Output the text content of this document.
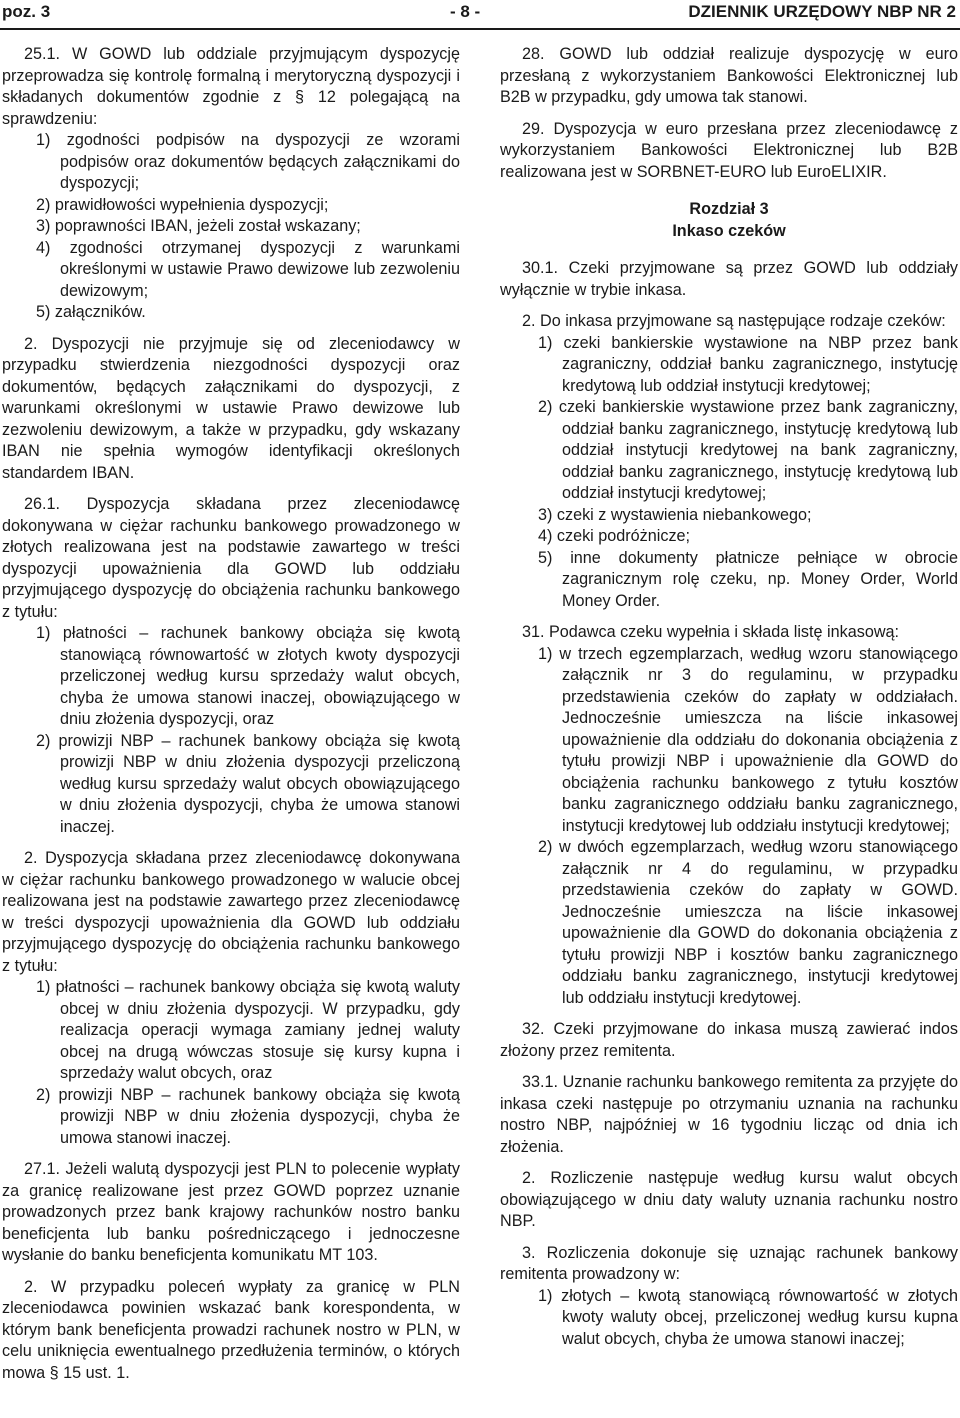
poz. 3	- 8 -	DZIENNIK URZĘDOWY NBP NR 2

25.1. W GOWD lub oddziale przyjmującym dyspozycję przeprowadza się kontrolę formalną i merytoryczną dyspozycji i składanych dokumentów zgodnie z § 12 polegającą na sprawdzeniu:

1) zgodności podpisów na dyspozycji ze wzorami podpisów oraz dokumentów będących załącznikami do dyspozycji;

2) prawidłowości wypełnienia dyspozycji;

3) poprawności IBAN, jeżeli został wskazany;

4) zgodności otrzymanej dyspozycji z warunkami określonymi w ustawie Prawo dewizowe lub zezwoleniu dewizowym;

5) załączników.

2. Dyspozycji nie przyjmuje się od zleceniodawcy w przypadku stwierdzenia niezgodności dyspozycji oraz dokumentów, będących załącznikami do dyspozycji, z warunkami określonymi w ustawie Prawo dewizowe lub zezwoleniu dewizowym, a także w przypadku, gdy wskazany IBAN nie spełnia wymogów identyfikacji określonych standardem IBAN.

26.1. Dyspozycja składana przez zleceniodawcę dokonywana w ciężar rachunku bankowego prowadzonego w złotych realizowana jest na podstawie zawartego w treści dyspozycji upoważnienia dla GOWD lub oddziału przyjmującego dyspozycję do obciążenia rachunku bankowego z tytułu:

1) płatności – rachunek bankowy obciąża się kwotą stanowiącą równowartość w złotych kwoty dyspozycji przeliczonej według kursu sprzedaży walut obcych, chyba że umowa stanowi inaczej, obowiązującego w dniu złożenia dyspozycji, oraz

2) prowizji NBP – rachunek bankowy obciąża się kwotą prowizji NBP w dniu złożenia dyspozycji przeliczoną według kursu sprzedaży walut obcych obowiązującego w dniu złożenia dyspozycji, chyba że umowa stanowi inaczej.

2. Dyspozycja składana przez zleceniodawcę dokonywana w ciężar rachunku bankowego prowadzonego w walucie obcej realizowana jest na podstawie zawartego przez zleceniodawcę w treści dyspozycji upoważnienia dla GOWD lub oddziału przyjmującego dyspozycję do obciążenia rachunku bankowego z tytułu:

1) płatności – rachunek bankowy obciąża się kwotą waluty obcej w dniu złożenia dyspozycji. W przypadku, gdy realizacja operacji wymaga zamiany jednej waluty obcej na drugą wówczas stosuje się kursy kupna i sprzedaży walut obcych, oraz

2) prowizji NBP – rachunek bankowy obciąża się kwotą prowizji NBP w dniu złożenia dyspozycji, chyba że umowa stanowi inaczej.

27.1. Jeżeli walutą dyspozycji jest PLN to polecenie wypłaty za granicę realizowane jest przez GOWD poprzez uznanie prowadzonych przez bank krajowy rachunków nostro banku beneficjenta lub banku pośredniczącego i jednoczesne wysłanie do banku beneficjenta komunikatu MT 103.

2. W przypadku poleceń wypłaty za granicę w PLN zleceniodawca powinien wskazać bank korespondenta, w którym bank beneficjenta prowadzi rachunek nostro w PLN, w celu uniknięcia ewentualnego przedłużenia terminów, o których mowa § 15 ust. 1.

28. GOWD lub oddział realizuje dyspozycję w euro przesłaną z wykorzystaniem Bankowości Elektronicznej lub B2B w przypadku, gdy umowa tak stanowi.

29. Dyspozycja w euro przesłana przez zleceniodawcę z wykorzystaniem Bankowości Elektronicznej lub B2B realizowana jest w SORBNET-EURO lub EuroELIXIR.

Rozdział 3
Inkaso czeków

30.1. Czeki przyjmowane są przez GOWD lub oddziały wyłącznie w trybie inkasa.

2. Do inkasa przyjmowane są następujące rodzaje czeków:

1) czeki bankierskie wystawione na NBP przez bank zagraniczny, oddział banku zagranicznego, instytucję kredytową lub oddział instytucji kredytowej;

2) czeki bankierskie wystawione przez bank zagraniczny, oddział banku zagranicznego, instytucję kredytową lub oddział instytucji kredytowej na bank zagraniczny, oddział banku zagranicznego, instytucję kredytową lub oddział instytucji kredytowej;

3) czeki z wystawienia niebankowego;

4) czeki podróżnicze;

5) inne dokumenty płatnicze pełniące w obrocie zagranicznym rolę czeku, np. Money Order, World Money Order.

31. Podawca czeku wypełnia i składa listę inkasową:

1) w trzech egzemplarzach, według wzoru stanowiącego załącznik nr 3 do regulaminu, w przypadku przedstawienia czeków do zapłaty w oddziałach. Jednocześnie umieszcza na liście inkasowej upoważnienie dla oddziału do dokonania obciążenia z tytułu prowizji NBP i upoważnienie dla GOWD do obciążenia rachunku bankowego z tytułu kosztów banku zagranicznego oddziału banku zagranicznego, instytucji kredytowej lub oddziału instytucji kredytowej;

2) w dwóch egzemplarzach, według wzoru stanowiącego załącznik nr 4 do regulaminu, w przypadku przedstawienia czeków do zapłaty w GOWD. Jednocześnie umieszcza na liście inkasowej upoważnienie dla GOWD do dokonania obciążenia z tytułu prowizji NBP i kosztów banku zagranicznego oddziału banku zagranicznego, instytucji kredytowej lub oddziału instytucji kredytowej.

32. Czeki przyjmowane do inkasa muszą zawierać indos złożony przez remitenta.

33.1. Uznanie rachunku bankowego remitenta za przyjęte do inkasa czeki następuje po otrzymaniu uznania na rachunku nostro NBP, najpóźniej w 16 tygodniu licząc od dnia ich złożenia.

2. Rozliczenie następuje według kursu walut obcych obowiązującego w dniu daty waluty uznania rachunku nostro NBP.

3. Rozliczenia dokonuje się uznając rachunek bankowy remitenta prowadzony w:

1) złotych – kwotą stanowiącą równowartość w złotych kwoty waluty obcej, przeliczonej według kursu kupna walut obcych, chyba że umowa stanowi inaczej;
